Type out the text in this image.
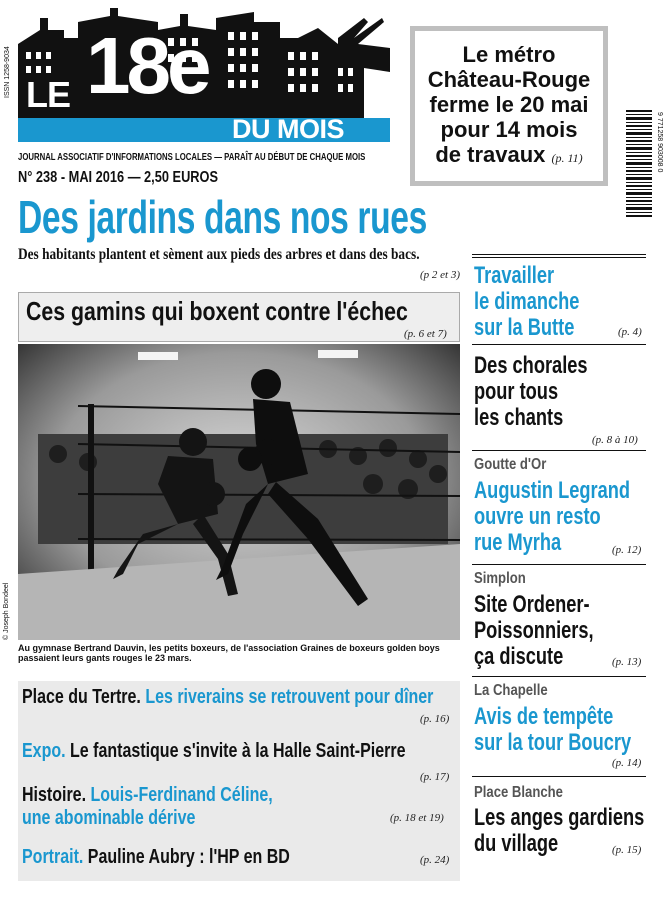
LE 18e
DU MOIS
ISSN 1258-9034
JOURNAL ASSOCIATIF D'INFORMATIONS LOCALES — PARAÎT AU DÉBUT DE CHAQUE MOIS
N° 238 - MAI 2016 — 2,50 EUROS
Le métro
Château-Rouge
ferme le 20 mai
pour 14 mois
de travaux (p. 11)	9 771258 903008 0
Des jardins dans nos rues
Des habitants plantent et sèment aux pieds des arbres et dans des bacs.
(p 2 et 3)
Ces gamins qui boxent contre l'échec
(p. 6 et 7)
© Joseph Bondeel
Au gymnase Bertrand Dauvin, les petits boxeurs, de l'association Graines de boxeurs golden boys passaient leurs gants rouges le 23 mars.
Place du Tertre. Les riverains se retrouvent pour dîner
(p. 16)
Expo. Le fantastique s'invite à la Halle Saint-Pierre
(p. 17)
Histoire. Louis-Ferdinand Céline,
une abominable dérive	(p. 18 et 19)
Portrait. Pauline Aubry : l'HP en BD	(p. 24)
Travailler
le dimanche
sur la Butte	(p. 4)
Des chorales
pour tous
les chants
(p. 8 à 10)
Goutte d'Or
Augustin Legrand
ouvre un resto
rue Myrha	(p. 12)
Simplon
Site Ordener-
Poissonniers,
ça discute	(p. 13)
La Chapelle
Avis de tempête
sur la tour Boucry
(p. 14)
Place Blanche
Les anges gardiens
du village	(p. 15)
